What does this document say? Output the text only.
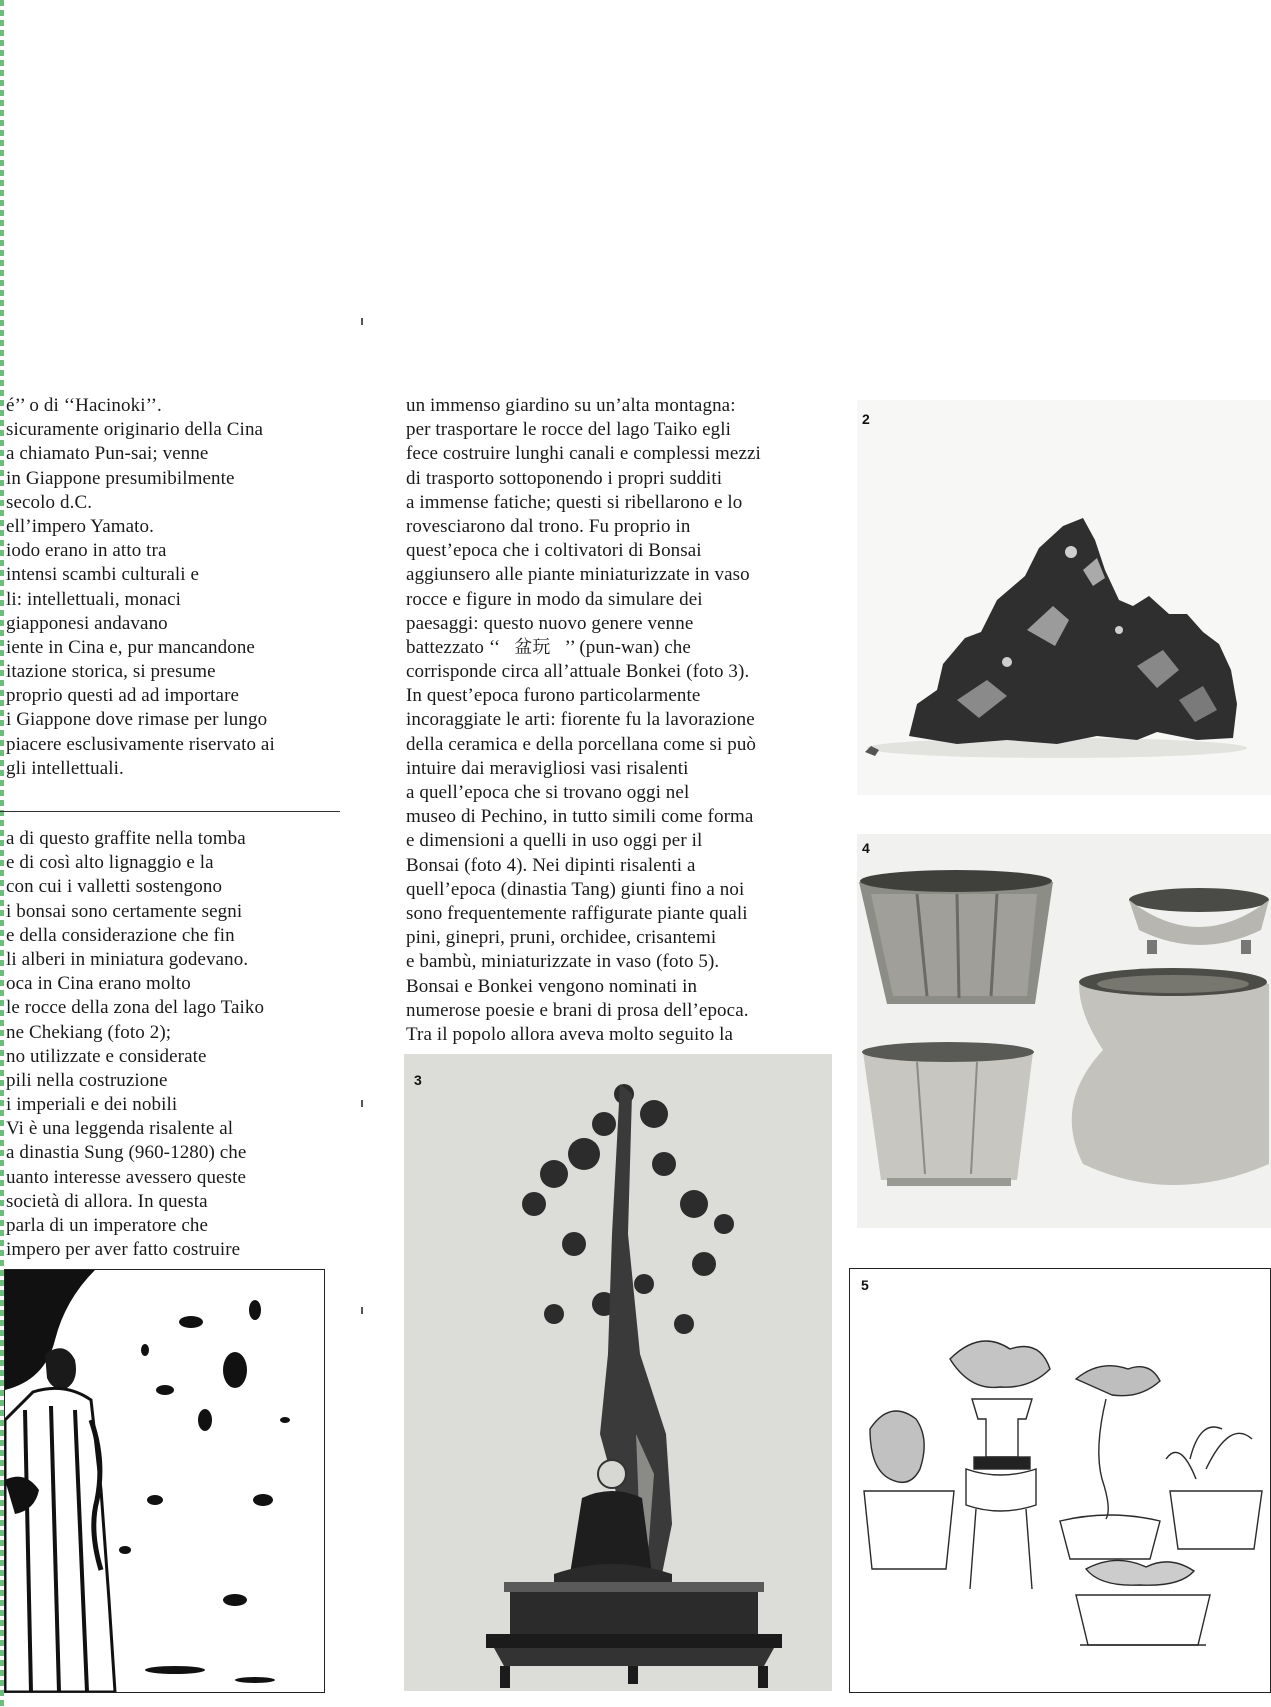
é’’ o di ‘‘Hacinoki’’.
sicuramente originario della Cina
a chiamato Pun-sai; venne
in Giappone presumibilmente
secolo d.C.
ell’impero Yamato.
iodo erano in atto tra
intensi scambi culturali e
li: intellettuali, monaci
giapponesi andavano
iente in Cina e, pur mancandone
itazione storica, si presume
proprio questi ad ad importare
i Giappone dove rimase per lungo
piacere esclusivamente riservato ai
gli intellettuali.
a di questo graffite nella tomba
e di così alto lignaggio e la
con cui i valletti sostengono
i bonsai sono certamente segni
e della considerazione che fin
li alberi in miniatura godevano.
oca in Cina erano molto
le rocce della zona del lago Taiko
ne Chekiang (foto 2);
no utilizzate e considerate
pili nella costruzione
i imperiali e dei nobili
Vi è una leggenda risalente al
a dinastia Sung (960-1280) che
uanto interesse avessero queste
società di allora. In questa
parla di un imperatore che
impero per aver fatto costruire
un immenso giardino su un’alta montagna:
per trasportare le rocce del lago Taiko egli
fece costruire lunghi canali e complessi mezzi
di trasporto sottoponendo i propri sudditi
a immense fatiche; questi si ribellarono e lo
rovesciarono dal trono. Fu proprio in
quest’epoca che i coltivatori di Bonsai
aggiunsero alle piante miniaturizzate in vaso
rocce e figure in modo da simulare dei
paesaggi: questo nuovo genere venne
battezzato ‘‘ 盆玩 ’’ (pun-wan) che
corrisponde circa all’attuale Bonkei (foto 3).
In quest’epoca furono particolarmente
incoraggiate le arti: fiorente fu la lavorazione
della ceramica e della porcellana come si può
intuire dai meravigliosi vasi risalenti
a quell’epoca che si trovano oggi nel
museo di Pechino, in tutto simili come forma
e dimensioni a quelli in uso oggi per il
Bonsai (foto 4). Nei dipinti risalenti a
quell’epoca (dinastia Tang) giunti fino a noi
sono frequentemente raffigurate piante quali
pini, ginepri, pruni, orchidee, crisantemi
e bambù, miniaturizzate in vaso (foto 5).
Bonsai e Bonkei vengono nominati in
numerose poesie e brani di prosa dell’epoca.
Tra il popolo allora aveva molto seguito la
2
4
5
3
